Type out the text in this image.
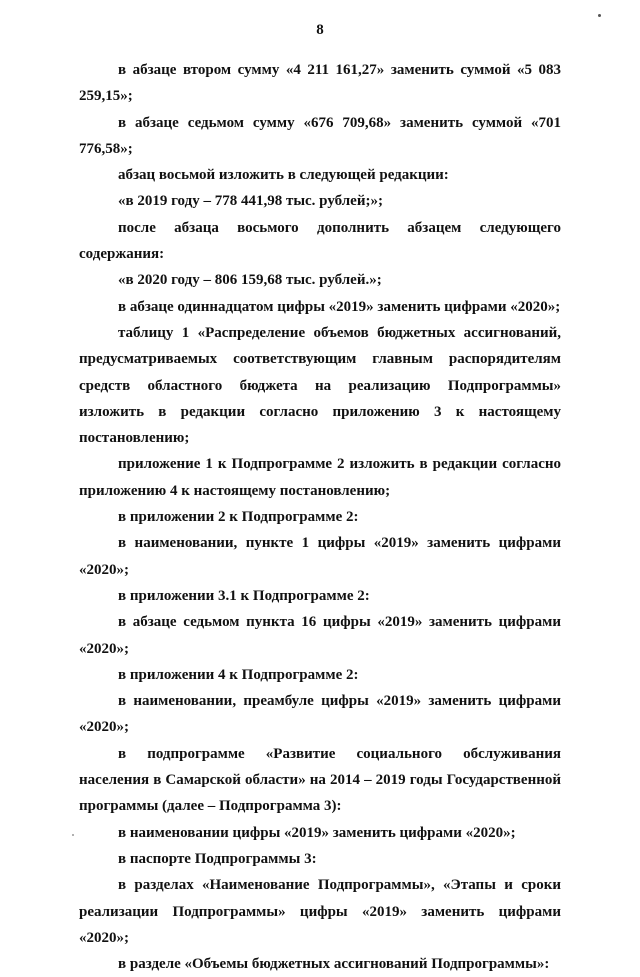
8

в абзаце втором сумму «4 211 161,27» заменить суммой «5 083 259,15»;

в абзаце седьмом сумму «676 709,68» заменить суммой «701 776,58»;

абзац восьмой изложить в следующей редакции:

«в 2019 году – 778 441,98 тыс. рублей;»;

после абзаца восьмого дополнить абзацем следующего содержания:

«в 2020 году – 806 159,68 тыс. рублей.»;

в абзаце одиннадцатом цифры «2019» заменить цифрами «2020»;

таблицу 1 «Распределение объемов бюджетных ассигнований, предусматриваемых соответствующим главным распорядителям средств областного бюджета на реализацию Подпрограммы» изложить в редакции согласно приложению 3 к настоящему постановлению;

приложение 1 к Подпрограмме 2 изложить в редакции согласно приложению 4 к настоящему постановлению;

в приложении 2 к Подпрограмме 2:

в наименовании, пункте 1 цифры «2019» заменить цифрами «2020»;

в приложении 3.1 к Подпрограмме 2:

в абзаце седьмом пункта 16 цифры «2019» заменить цифрами «2020»;

в приложении 4 к Подпрограмме 2:

в наименовании, преамбуле цифры «2019» заменить цифрами «2020»;

в подпрограмме «Развитие социального обслуживания населения в Самарской области» на 2014 – 2019 годы Государственной программы (далее – Подпрограмма 3):

в наименовании цифры «2019» заменить цифрами «2020»;

в паспорте Подпрограммы 3:

в разделах «Наименование Подпрограммы», «Этапы и сроки реализации Подпрограммы» цифры «2019» заменить цифрами «2020»;

в разделе «Объемы бюджетных ассигнований Подпрограммы»:
